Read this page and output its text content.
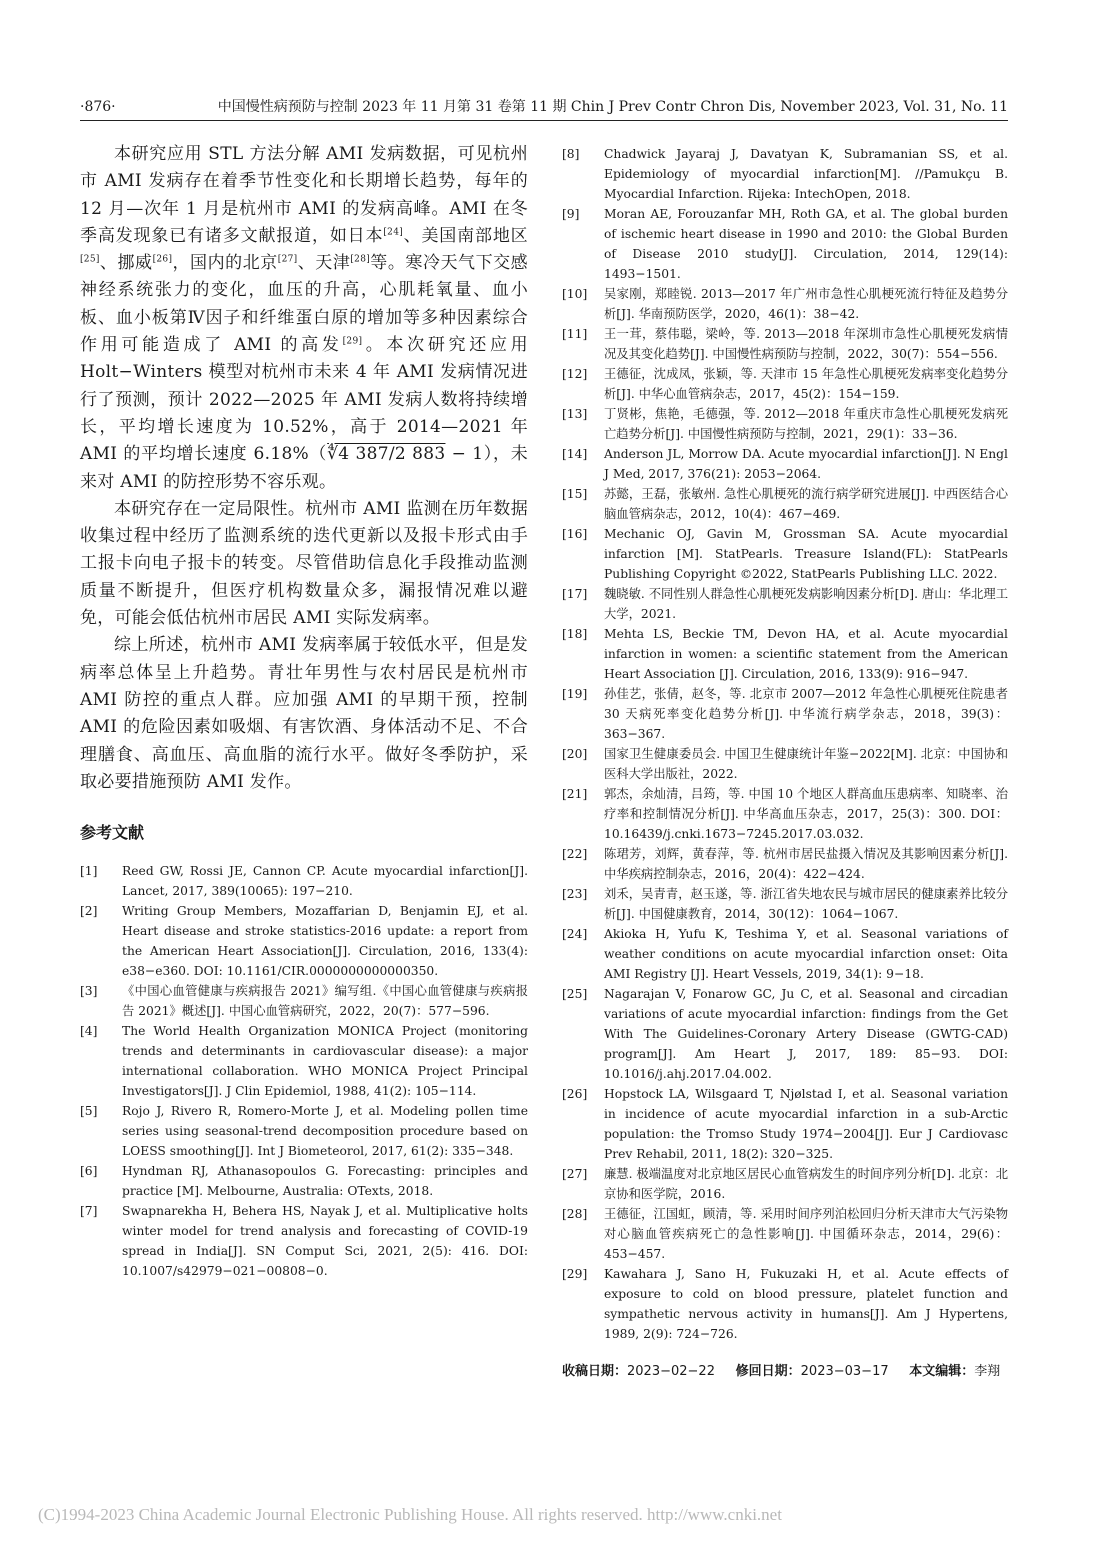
·876·	中国慢性病预防与控制 2023 年 11 月第 31 卷第 11 期 Chin J Prev Contr Chron Dis, November 2023, Vol. 31, No. 11

本研究应用 STL 方法分解 AMI 发病数据，可见杭州市 AMI 发病存在着季节性变化和长期增长趋势，每年的 12 月—次年 1 月是杭州市 AMI 的发病高峰。AMI 在冬季高发现象已有诸多文献报道，如日本[24]、美国南部地区[25]、挪威[26]，国内的北京[27]、天津[28]等。寒冷天气下交感神经系统张力的变化，血压的升高，心肌耗氧量、血小板、血小板第Ⅳ因子和纤维蛋白原的增加等多种因素综合作用可能造成了 AMI 的高发[29]。本次研究还应用 Holt−Winters 模型对杭州市未来 4 年 AMI 发病情况进行了预测，预计 2022—2025 年 AMI 发病人数将持续增长，平均增长速度为 10.52%，高于 2014—2021 年 AMI 的平均增长速度 6.18%（∜4 387/2 883 − 1），未来对 AMI 的防控形势不容乐观。

本研究存在一定局限性。杭州市 AMI 监测在历年数据收集过程中经历了监测系统的迭代更新以及报卡形式由手工报卡向电子报卡的转变。尽管借助信息化手段推动监测质量不断提升，但医疗机构数量众多，漏报情况难以避免，可能会低估杭州市居民 AMI 实际发病率。

综上所述，杭州市 AMI 发病率属于较低水平，但是发病率总体呈上升趋势。青壮年男性与农村居民是杭州市 AMI 防控的重点人群。应加强 AMI 的早期干预，控制 AMI 的危险因素如吸烟、有害饮酒、身体活动不足、不合理膳食、高血压、高血脂的流行水平。做好冬季防护，采取必要措施预防 AMI 发作。

参考文献
[1]	Reed GW, Rossi JE, Cannon CP. Acute myocardial infarction[J]. Lancet, 2017, 389(10065): 197−210.
[2]	Writing Group Members, Mozaffarian D, Benjamin EJ, et al. Heart disease and stroke statistics-2016 update: a report from the American Heart Association[J]. Circulation, 2016, 133(4): e38−e360. DOI: 10.1161/CIR.0000000000000350.
[3]	《中国心血管健康与疾病报告 2021》编写组.《中国心血管健康与疾病报告 2021》概述[J]. 中国心血管病研究，2022，20(7)：577−596.
[4]	The World Health Organization MONICA Project (monitoring trends and determinants in cardiovascular disease): a major international collaboration. WHO MONICA Project Principal Investigators[J]. J Clin Epidemiol, 1988, 41(2): 105−114.
[5]	Rojo J, Rivero R, Romero-Morte J, et al. Modeling pollen time series using seasonal-trend decomposition procedure based on LOESS smoothing[J]. Int J Biometeorol, 2017, 61(2): 335−348.
[6]	Hyndman RJ, Athanasopoulos G. Forecasting: principles and practice [M]. Melbourne, Australia: OTexts, 2018.
[7]	Swapnarekha H, Behera HS, Nayak J, et al. Multiplicative holts winter model for trend analysis and forecasting of COVID-19 spread in India[J]. SN Comput Sci, 2021, 2(5): 416. DOI: 10.1007/s42979−021−00808−0.
[8]	Chadwick Jayaraj J, Davatyan K, Subramanian SS, et al. Epidemiology of myocardial infarction[M]. //Pamukçu B. Myocardial Infarction. Rijeka: IntechOpen, 2018.
[9]	Moran AE, Forouzanfar MH, Roth GA, et al. The global burden of ischemic heart disease in 1990 and 2010: the Global Burden of Disease 2010 study[J]. Circulation, 2014, 129(14): 1493−1501.
[10]	吴家刚，郑睦锐. 2013—2017 年广州市急性心肌梗死流行特征及趋势分析[J]. 华南预防医学，2020，46(1)：38−42.
[11]	王一茸，蔡伟聪，梁岭，等. 2013—2018 年深圳市急性心肌梗死发病情况及其变化趋势[J]. 中国慢性病预防与控制，2022，30(7)：554−556.
[12]	王德征，沈成凤，张颖，等. 天津市 15 年急性心肌梗死发病率变化趋势分析[J]. 中华心血管病杂志，2017，45(2)：154−159.
[13]	丁贤彬，焦艳，毛德强，等. 2012—2018 年重庆市急性心肌梗死发病死亡趋势分析[J]. 中国慢性病预防与控制，2021，29(1)：33−36.
[14]	Anderson JL, Morrow DA. Acute myocardial infarction[J]. N Engl J Med, 2017, 376(21): 2053−2064.
[15]	苏懿，王磊，张敏州. 急性心肌梗死的流行病学研究进展[J]. 中西医结合心脑血管病杂志，2012，10(4)：467−469.
[16]	Mechanic OJ, Gavin M, Grossman SA. Acute myocardial infarction [M]. StatPearls. Treasure Island(FL): StatPearls Publishing Copyright ©2022, StatPearls Publishing LLC. 2022.
[17]	魏晓敏. 不同性别人群急性心肌梗死发病影响因素分析[D]. 唐山：华北理工大学，2021.
[18]	Mehta LS, Beckie TM, Devon HA, et al. Acute myocardial infarction in women: a scientific statement from the American Heart Association [J]. Circulation, 2016, 133(9): 916−947.
[19]	孙佳艺，张倩，赵冬，等. 北京市 2007—2012 年急性心肌梗死住院患者 30 天病死率变化趋势分析[J]. 中华流行病学杂志，2018，39(3)：363−367.
[20]	国家卫生健康委员会. 中国卫生健康统计年鉴−2022[M]. 北京：中国协和医科大学出版社，2022.
[21]	郭杰，余灿清，吕筠，等. 中国 10 个地区人群高血压患病率、知晓率、治疗率和控制情况分析[J]. 中华高血压杂志，2017，25(3)：300. DOI：10.16439/j.cnki.1673−7245.2017.03.032.
[22]	陈珺芳，刘辉，黄春萍，等. 杭州市居民盐摄入情况及其影响因素分析[J]. 中华疾病控制杂志，2016，20(4)：422−424.
[23]	刘禾，吴青青，赵玉遂，等. 浙江省失地农民与城市居民的健康素养比较分析[J]. 中国健康教育，2014，30(12)：1064−1067.
[24]	Akioka H, Yufu K, Teshima Y, et al. Seasonal variations of weather conditions on acute myocardial infarction onset: Oita AMI Registry [J]. Heart Vessels, 2019, 34(1): 9−18.
[25]	Nagarajan V, Fonarow GC, Ju C, et al. Seasonal and circadian variations of acute myocardial infarction: findings from the Get With The Guidelines-Coronary Artery Disease (GWTG-CAD) program[J]. Am Heart J, 2017, 189: 85−93. DOI: 10.1016/j.ahj.2017.04.002.
[26]	Hopstock LA, Wilsgaard T, Njølstad I, et al. Seasonal variation in incidence of acute myocardial infarction in a sub-Arctic population: the Tromso Study 1974−2004[J]. Eur J Cardiovasc Prev Rehabil, 2011, 18(2): 320−325.
[27]	廉慧. 极端温度对北京地区居民心血管病发生的时间序列分析[D]. 北京：北京协和医学院，2016.
[28]	王德征，江国虹，顾清，等. 采用时间序列泊松回归分析天津市大气污染物对心脑血管疾病死亡的急性影响[J]. 中国循环杂志，2014，29(6)：453−457.
[29]	Kawahara J, Sano H, Fukuzaki H, et al. Acute effects of exposure to cold on blood pressure, platelet function and sympathetic nervous activity in humans[J]. Am J Hypertens, 1989, 2(9): 724−726.
收稿日期：2023−02−22 修回日期：2023−03−17 本文编辑：李翔
(C)1994-2023 China Academic Journal Electronic Publishing House. All rights reserved. http://www.cnki.net
